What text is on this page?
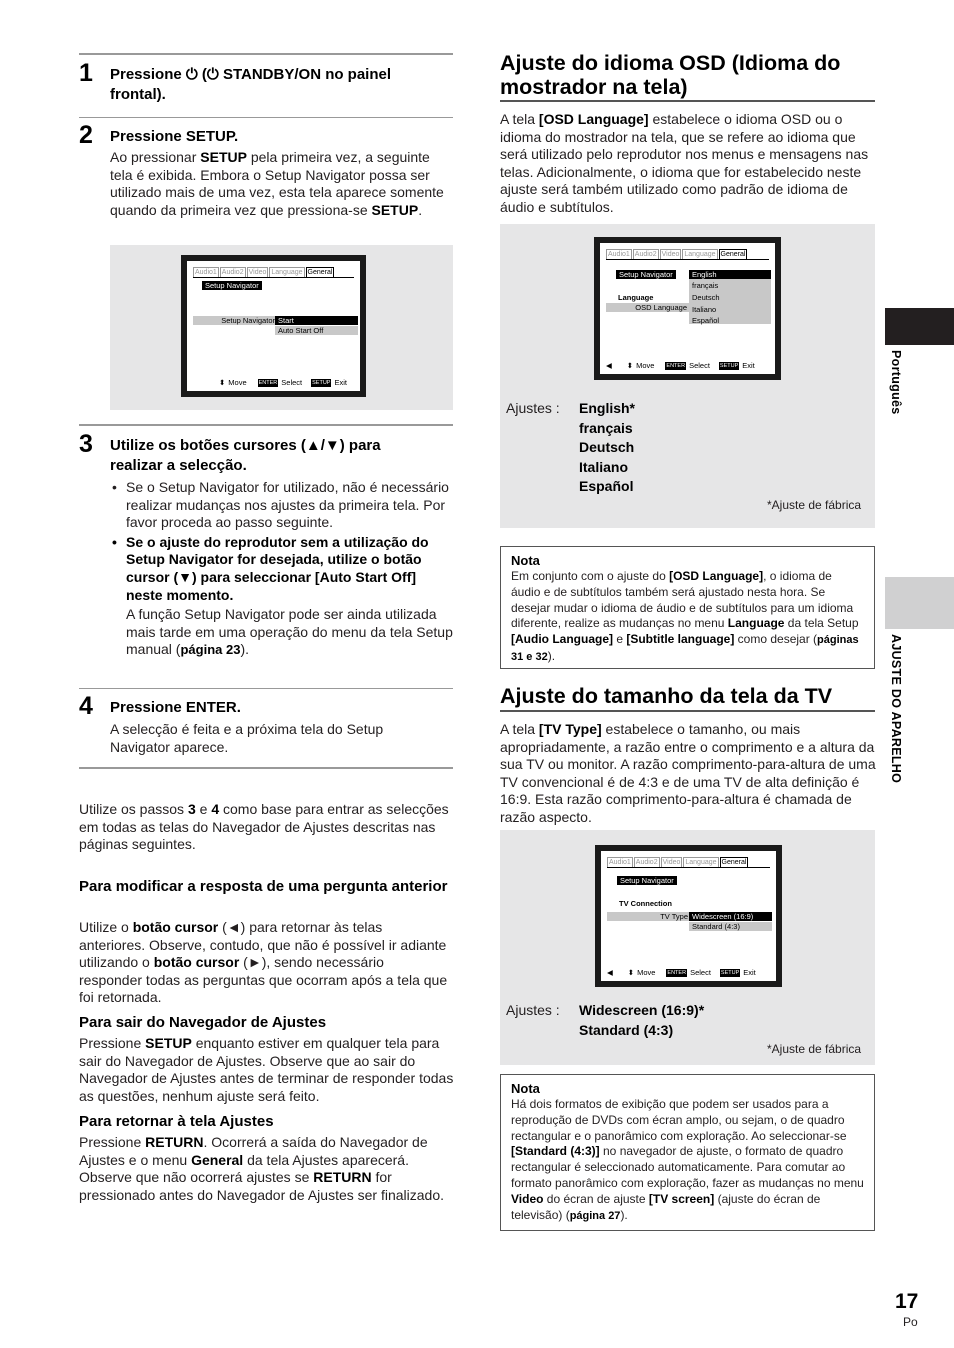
1 Pressione ⏻ (⏻ STANDBY/ON no painel frontal).
2 Pressione SETUP.
Ao pressionar SETUP pela primeira vez, a seguinte tela é exibida. Embora o Setup Navigator possa ser utilizado mais de uma vez, esta tela aparece somente quando da primeira vez que pressiona-se SETUP.
Audio1 Audio2 Video Language General
Setup Navigator
Setup Navigator Start
Auto Start Off
⬍ Move ENTER Select SETUP Exit
3 Utilize os botões cursores (▲/▼) para realizar a selecção.
• Se o Setup Navigator for utilizado, não é necessário realizar mudanças nos ajustes da primeira tela. Por favor proceda ao passo seguinte.
• Se o ajuste do reprodutor sem a utilização do Setup Navigator for desejada, utilize o botão cursor (▼) para seleccionar [Auto Start Off] neste momento.
A função Setup Navigator pode ser ainda utilizada mais tarde em uma operação do menu da tela Setup manual (página 23).
4 Pressione ENTER.
A selecção é feita e a próxima tela do Setup Navigator aparece.
Utilize os passos 3 e 4 como base para entrar as selecções em todas as telas do Navegador de Ajustes descritas nas páginas seguintes.
Para modificar a resposta de uma pergunta anterior
Utilize o botão cursor (◄) para retornar às telas anteriores. Observe, contudo, que não é possível ir adiante utilizando o botão cursor (►), sendo necessário responder todas as perguntas que ocorram após a tela que foi retornada.
Para sair do Navegador de Ajustes
Pressione SETUP enquanto estiver em qualquer tela para sair do Navegador de Ajustes. Observe que ao sair do Navegador de Ajustes antes de terminar de responder todas as questões, nenhum ajuste será feito.
Para retornar à tela Ajustes
Pressione RETURN. Ocorrerá a saída do Navegador de Ajustes e o menu General da tela Ajustes aparecerá. Observe que não ocorrerá ajustes se RETURN for pressionado antes do Navegador de Ajustes ser finalizado.
Ajuste do idioma OSD (Idioma do mostrador na tela)
A tela [OSD Language] estabelece o idioma OSD ou o idioma do mostrador na tela, que se refere ao idioma que será utilizado pelo reprodutor nos menus e mensagens nas telas. Adicionalmente, o idioma que for estabelecido neste ajuste será também utilizado como padrão de idioma de áudio e subtítulos.
Audio1 Audio2 Video Language General
Setup Navigator
Language
OSD Language
English
français
Deutsch
Italiano
Español
◀ ⬍ Move ENTER Select SETUP Exit
Ajustes : English*
français
Deutsch
Italiano
Español
*Ajuste de fábrica
Nota
Em conjunto com o ajuste do [OSD Language], o idioma de áudio e de subtítulos também será ajustado nesta hora. Se desejar mudar o idioma de áudio e de subtítulos para um idioma diferente, realize as mudanças no menu Language da tela Setup [Audio Language] e [Subtitle language] como desejar (páginas 31 e 32).
Ajuste do tamanho da tela da TV
A tela [TV Type] estabelece o tamanho, ou mais apropriadamente, a razão entre o comprimento e a altura da sua TV ou monitor. A razão comprimento-para-altura de uma TV convencional é de 4:3 e de uma TV de alta definição é 16:9. Esta razão comprimento-para-altura é chamada de razão aspecto.
Audio1 Audio2 Video Language General
Setup Navigator
TV Connection
TV Type Widescreen (16:9)
Standard (4:3)
◀ ⬍ Move ENTER Select SETUP Exit
Ajustes : Widescreen (16:9)*
Standard (4:3)
*Ajuste de fábrica
Nota
Há dois formatos de exibição que podem ser usados para a reprodução de DVDs com écran amplo, ou sejam, o de quadro rectangular e o panorâmico com exploração. Ao seleccionar-se [Standard (4:3)] no navegador de ajuste, o formato de quadro rectangular é seleccionado automaticamente. Para comutar ao formato panorâmico com exploração, fazer as mudanças no menu Video do écran de ajuste [TV screen] (ajuste do écran de televisão) (página 27).
Português
AJUSTE DO APARELHO
17
Po
